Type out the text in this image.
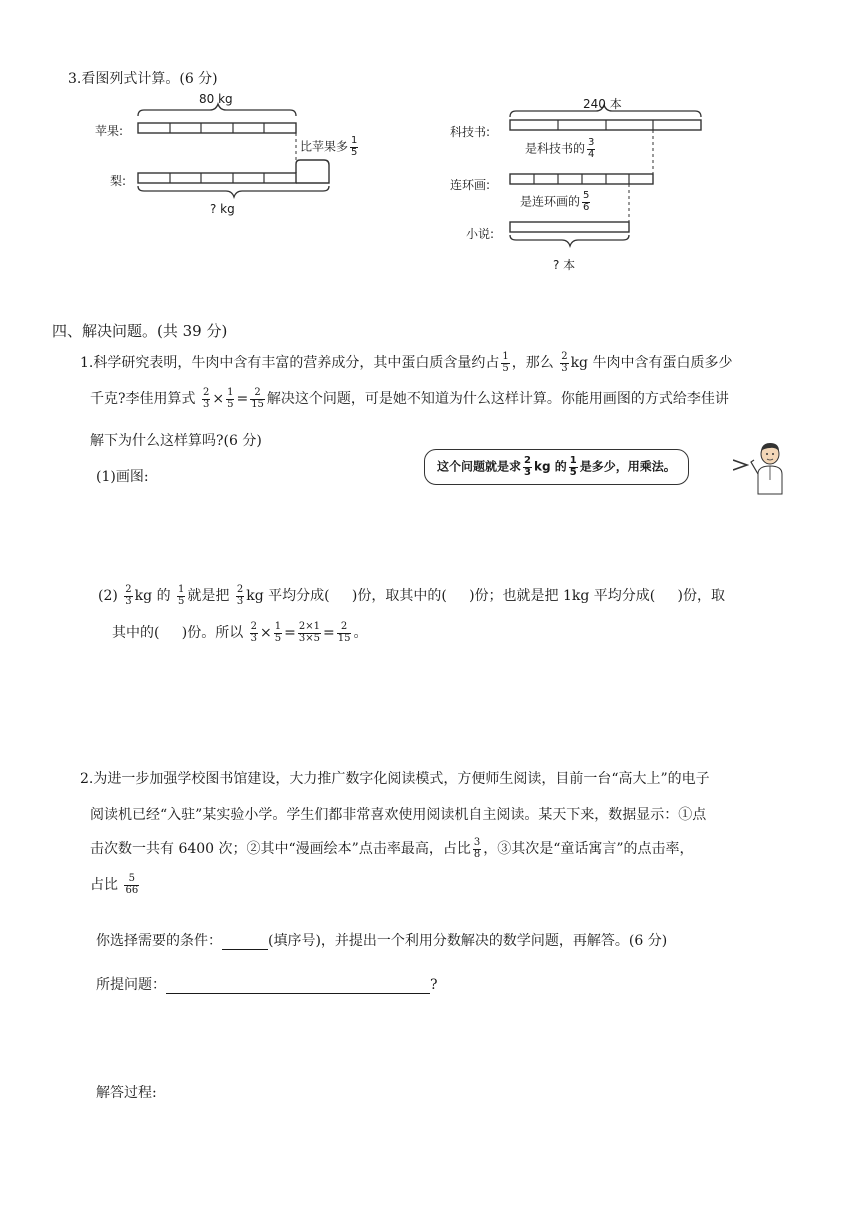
3.看图列式计算。(6 分)
80 kg
苹果:
梨:
比苹果多 $\frac{1}{5}$
? kg
240 本
科技书:
是科技书的 $\frac{3}{4}$
连环画:
是连环画的 $\frac{5}{6}$
小说:
? 本
四、解决问题。(共 39 分)
1.科学研究表明，牛肉中含有丰富的营养成分，其中蛋白质含量约占 $\frac{1}{5}$ ，那么 $\frac{2}{3}$ kg 牛肉中含有蛋白质多少
千克?李佳用算式 $\frac{2}{3} \times \frac{1}{5} = \frac{2}{15}$ 解决这个问题，可是她不知道为什么这样计算。你能用画图的方式给李佳讲
解下为什么这样算吗?(6 分)
(1)画图:
这个问题就是求 $\frac{2}{3}$ kg 的 $\frac{1}{5}$ 是多少，用乘法。
$(2) \frac{2}{3}$ kg 的 $\frac{1}{5}$ 就是把 $\frac{2}{3}$ kg 平均分成( )份，取其中的( )份；也就是把 1kg 平均分成( )份，取
其中的( )份。所以 $\frac{2}{3} \times \frac{1}{5} = \frac{2\times 1}{3\times 5} = \frac{2}{15}$ 。
2.为进一步加强学校图书馆建设，大力推广数字化阅读模式，方便师生阅读，目前一台“高大上”的电子
阅读机已经“入驻”某实验小学。学生们都非常喜欢使用阅读机自主阅读。某天下来，数据显示：①点
击次数一共有 6400 次；②其中“漫画绘本”点击率最高，占比 $\frac{3}{8}$ ，③其次是“童话寓言”的点击率，
占比 $\frac{5}{66}$
你选择需要的条件：	(填序号)，并提出一个利用分数解决的数学问题，再解答。(6 分)
所提问题：	?
解答过程:
